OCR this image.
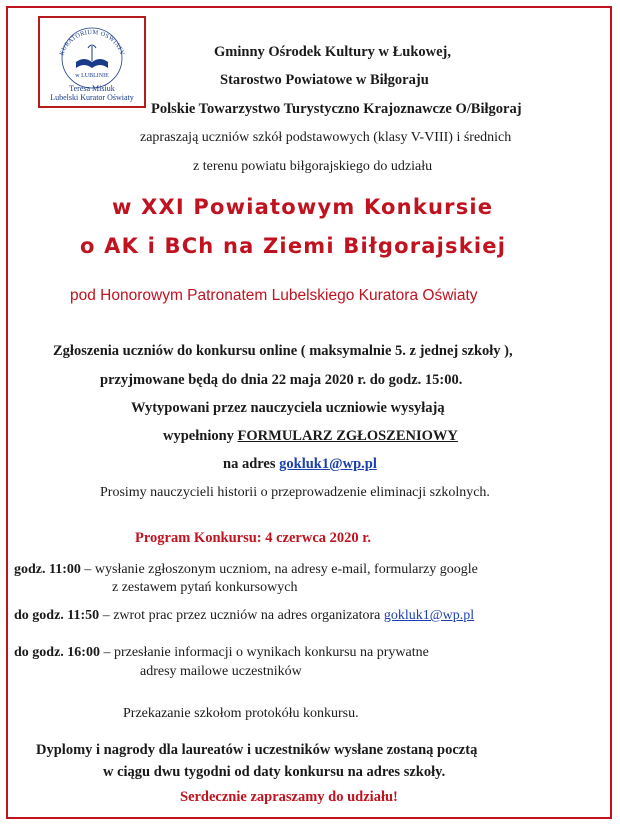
KURATORIUM OŚWIATY
w LUBLINIE
Teresa Misiuk
Lubelski Kurator Oświaty
Gminny Ośrodek Kultury w Łukowej,
Starostwo Powiatowe w Biłgoraju
Polskie Towarzystwo Turystyczno Krajoznawcze O/Biłgoraj
zapraszają uczniów szkół podstawowych (klasy V-VIII) i średnich
z terenu powiatu biłgorajskiego do udziału
w XXI Powiatowym Konkursie
o AK i BCh na Ziemi Biłgorajskiej
pod Honorowym Patronatem Lubelskiego Kuratora Oświaty
Zgłoszenia uczniów do konkursu online ( maksymalnie 5. z jednej szkoły ),
przyjmowane będą do dnia 22 maja 2020 r. do godz. 15:00.
Wytypowani przez nauczyciela uczniowie wysyłają
wypełniony FORMULARZ ZGŁOSZENIOWY
na adres gokluk1@wp.pl
Prosimy nauczycieli historii o przeprowadzenie eliminacji szkolnych.
Program Konkursu: 4 czerwca 2020 r.
godz. 11:00 – wysłanie zgłoszonym uczniom, na adresy e-mail, formularzy google
z zestawem pytań konkursowych
do godz. 11:50 – zwrot prac przez uczniów na adres organizatora gokluk1@wp.pl
do godz. 16:00 – przesłanie informacji o wynikach konkursu na prywatne
adresy mailowe uczestników
Przekazanie szkołom protokółu konkursu.
Dyplomy i nagrody dla laureatów i uczestników wysłane zostaną pocztą
w ciągu dwu tygodni od daty konkursu na adres szkoły.
Serdecznie zapraszamy do udziału!
